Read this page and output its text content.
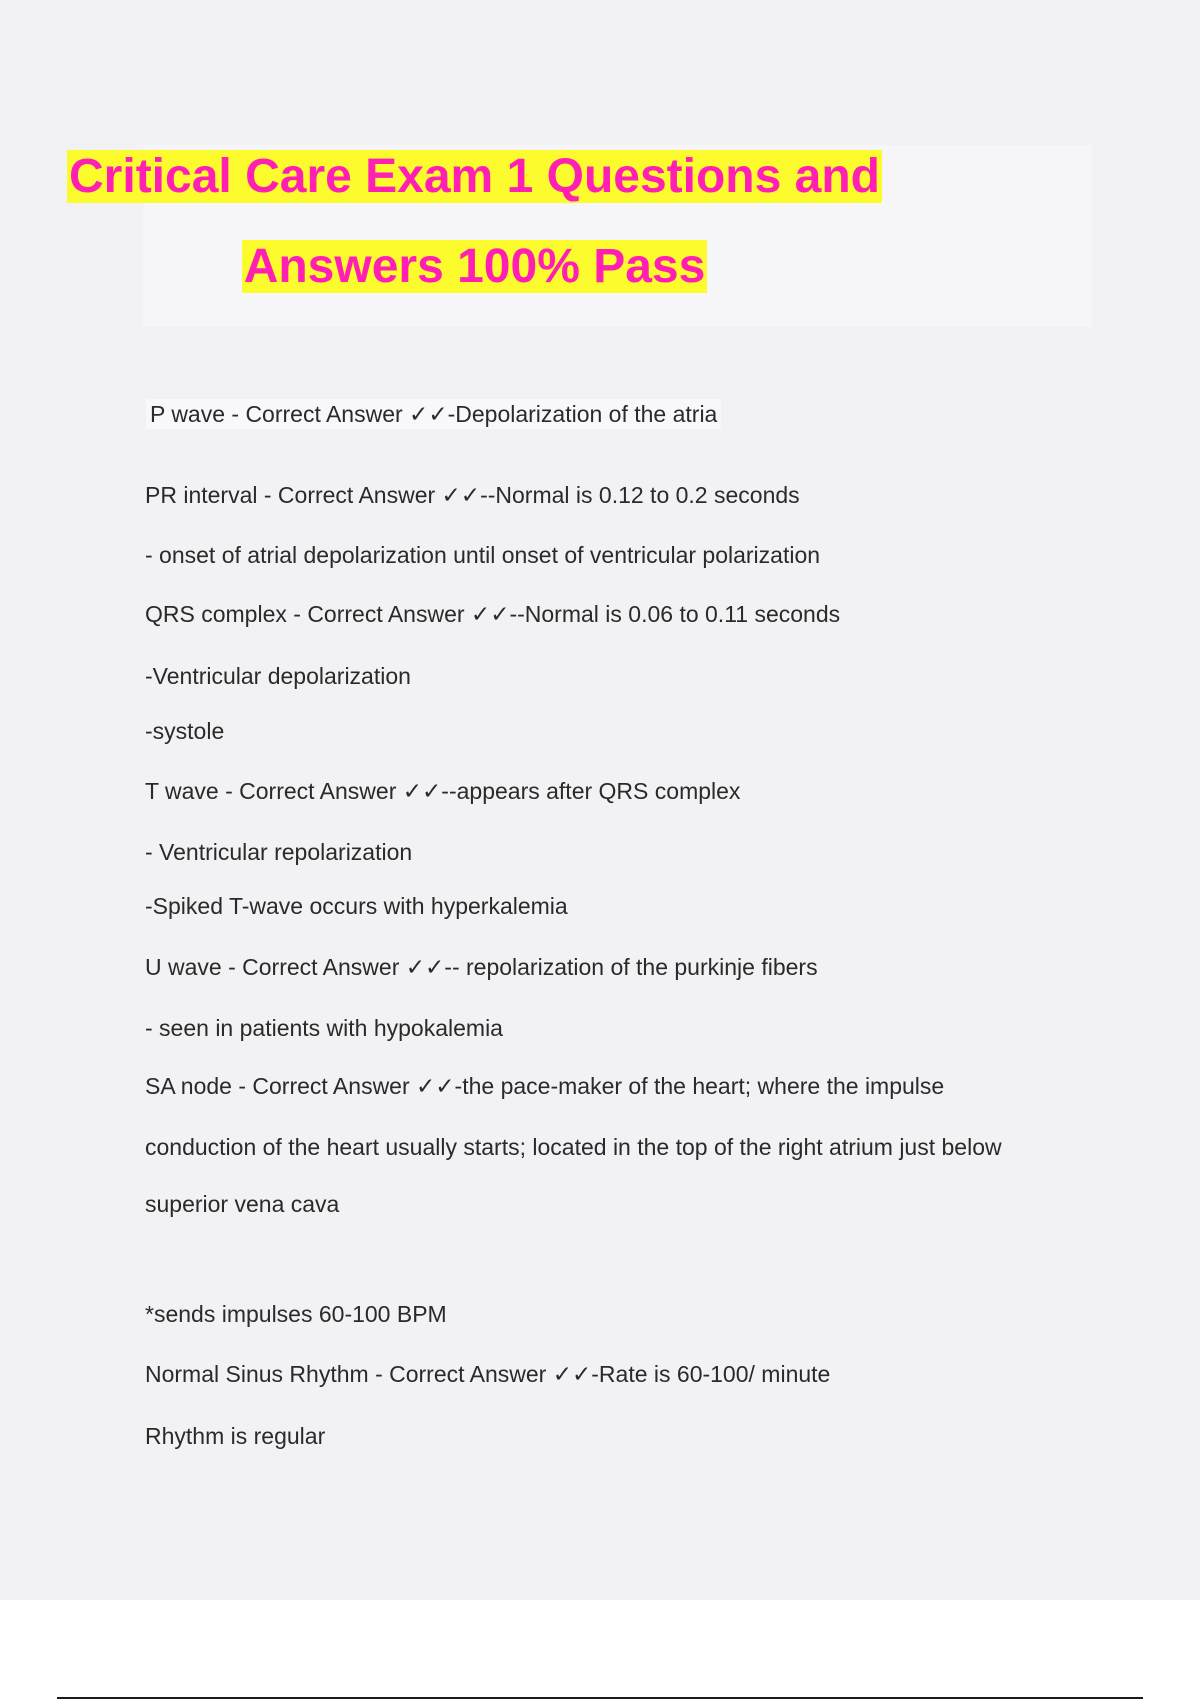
Critical Care Exam 1 Questions and
Answers 100% Pass
P wave - Correct Answer ✓✓-Depolarization of the atria
PR interval - Correct Answer ✓✓--Normal is 0.12 to 0.2 seconds
- onset of atrial depolarization until onset of ventricular polarization
QRS complex - Correct Answer ✓✓--Normal is 0.06 to 0.11 seconds
-Ventricular depolarization
-systole
T wave - Correct Answer ✓✓--appears after QRS complex
- Ventricular repolarization
-Spiked T-wave occurs with hyperkalemia
U wave - Correct Answer ✓✓-- repolarization of the purkinje fibers
- seen in patients with hypokalemia
SA node - Correct Answer ✓✓-the pace-maker of the heart; where the impulse
conduction of the heart usually starts; located in the top of the right atrium just below
superior vena cava
*sends impulses 60-100 BPM
Normal Sinus Rhythm - Correct Answer ✓✓-Rate is 60-100/ minute
Rhythm is regular
